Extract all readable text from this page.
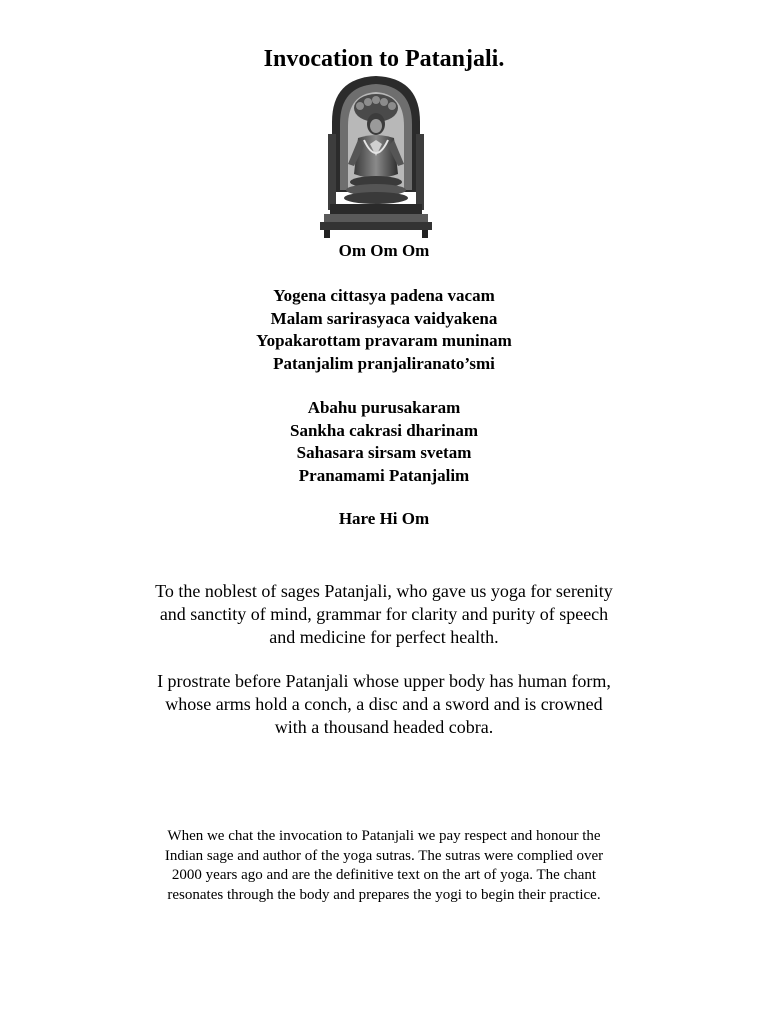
Invocation to Patanjali.
Om Om Om
Yogena cittasya padena vacam
Malam sarirasyaca vaidyakena
Yopakarottam pravaram muninam
Patanjalim pranjaliranato’smi
Abahu purusakaram
Sankha cakrasi dharinam
Sahasara sirsam svetam
Pranamami Patanjalim
Hare Hi Om
To the noblest of sages Patanjali, who gave us yoga for serenity
and sanctity of mind, grammar for clarity and purity of speech
and medicine for perfect health.
I prostrate before Patanjali whose upper body has human form,
whose arms hold a conch, a disc and a sword and is crowned
with a thousand headed cobra.
When we chat the invocation to Patanjali we pay respect and honour the
Indian sage and author of the yoga sutras. The sutras were complied over
2000 years ago and are the definitive text on the art of yoga. The chant
resonates through the body and prepares the yogi to begin their practice.
